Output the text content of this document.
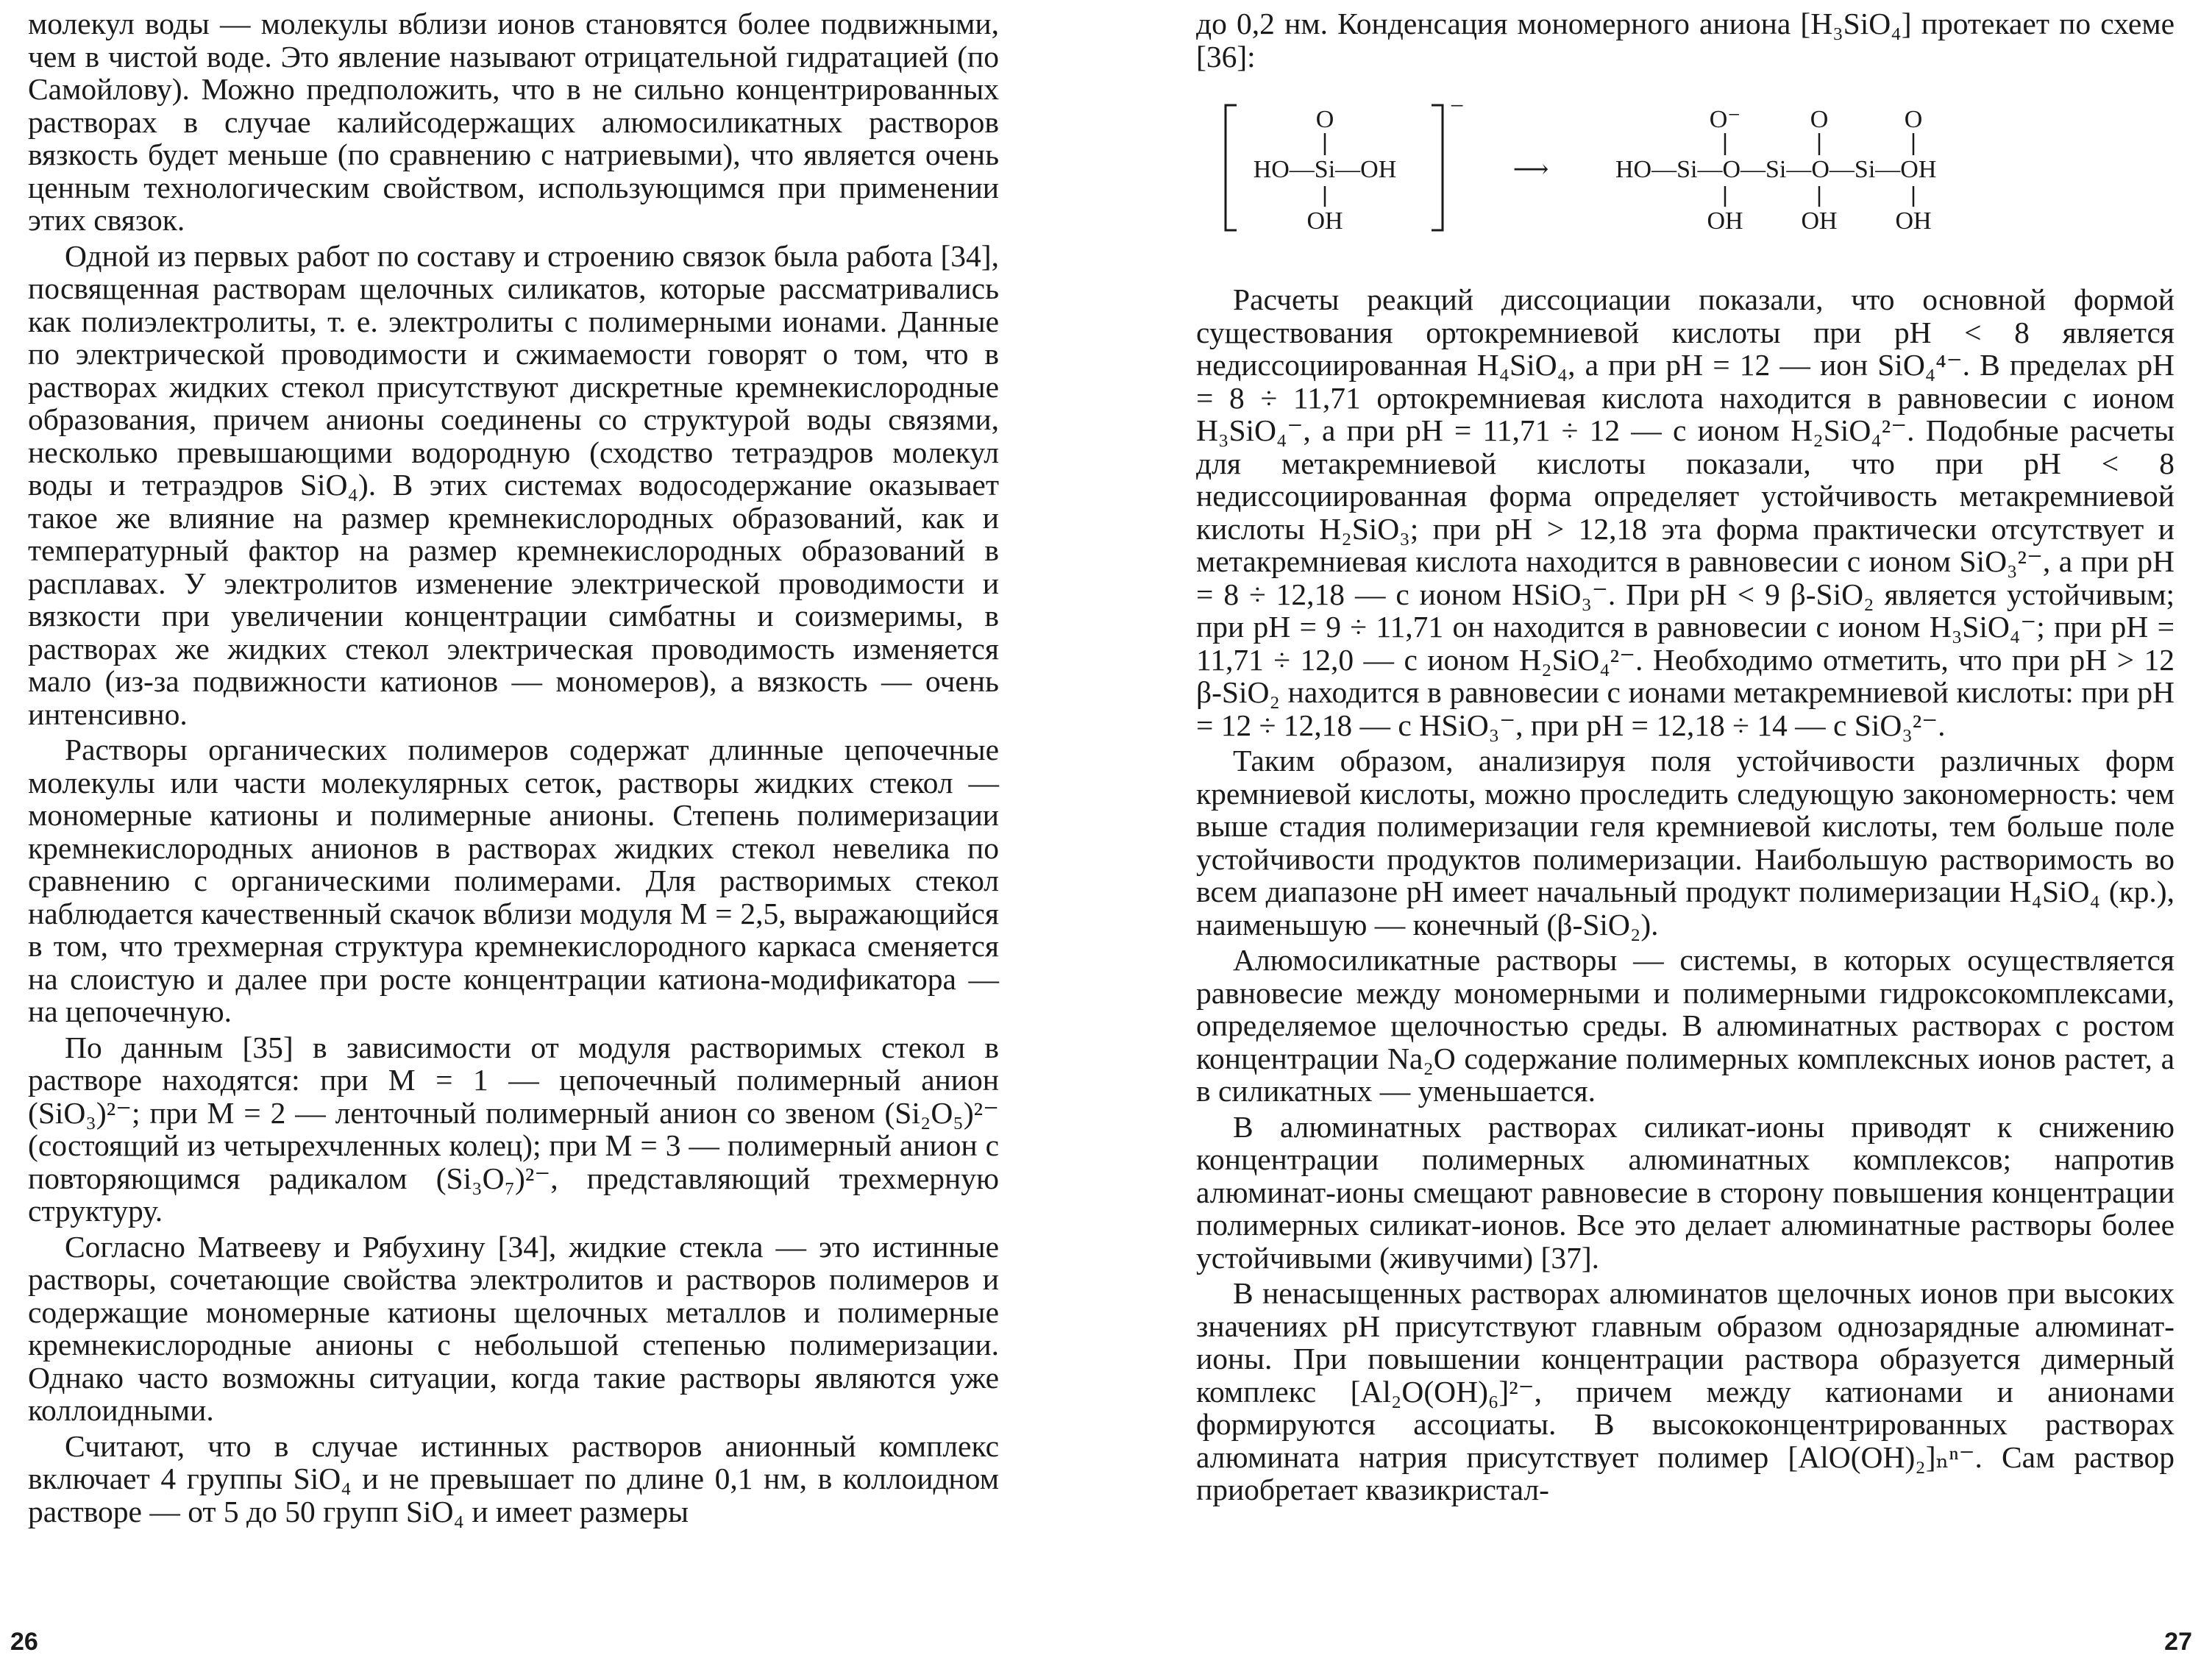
молекул воды — молекулы вблизи ионов становятся более подвижными, чем в чистой воде. Это явление называют отрицательной гидратацией (по Самойлову). Можно предположить, что в не сильно концентрированных растворах в случае калийсодержащих алюмосиликатных растворов вязкость будет меньше (по сравнению с натриевыми), что является очень ценным технологическим свойством, использующимся при применении этих связок.

Одной из первых работ по составу и строению связок была работа [34], посвященная растворам щелочных силикатов, которые рассматривались как полиэлектролиты, т. е. электролиты с полимерными ионами. Данные по электрической проводимости и сжимаемости говорят о том, что в растворах жидких стекол присутствуют дискретные кремнекислородные образования, причем анионы соединены со структурой воды связями, несколько превышающими водородную (сходство тетраэдров молекул воды и тетраэдров SiO₄). В этих системах водосодержание оказывает такое же влияние на размер кремнекислородных образований, как и температурный фактор на размер кремнекислородных образований в расплавах. У электролитов изменение электрической проводимости и вязкости при увеличении концентрации симбатны и соизмеримы, в растворах же жидких стекол электрическая проводимость изменяется мало (из-за подвижности катионов — мономеров), а вязкость — очень интенсивно.

Растворы органических полимеров содержат длинные цепочечные молекулы или части молекулярных сеток, растворы жидких стекол — мономерные катионы и полимерные анионы. Степень полимеризации кремнекислородных анионов в растворах жидких стекол невелика по сравнению с органическими полимерами. Для растворимых стекол наблюдается качественный скачок вблизи модуля M = 2,5, выражающийся в том, что трехмерная структура кремнекислородного каркаса сменяется на слоистую и далее при росте концентрации катиона-модификатора — на цепочечную.

По данным [35] в зависимости от модуля растворимых стекол в растворе находятся: при M = 1 — цепочечный полимерный анион (SiO₃)²⁻; при M = 2 — ленточный полимерный анион со звеном (Si₂O₅)²⁻ (состоящий из четырехчленных колец); при M = 3 — полимерный анион с повторяющимся радикалом (Si₃O₇)²⁻, представляющий трехмерную структуру.

Согласно Матвееву и Рябухину [34], жидкие стекла — это истинные растворы, сочетающие свойства электролитов и растворов полимеров и содержащие мономерные катионы щелочных металлов и полимерные кремнекислородные анионы с небольшой степенью полимеризации. Однако часто возможны ситуации, когда такие растворы являются уже коллоидными.

Считают, что в случае истинных растворов анионный комплекс включает 4 группы SiO₄ и не превышает по длине 0,1 нм, в коллоидном растворе — от 5 до 50 групп SiO₄ и имеет размеры

26

до 0,2 нм. Конденсация мономерного аниона [H₃SiO₄] протекает по схеме [36]:

−
O
HO—Si—OH
OH
⟶	HO—Si—O—Si—O—Si—OH
O⁻	O	O
OH OH OH

Расчеты реакций диссоциации показали, что основной формой существования ортокремниевой кислоты при pH < 8 является недиссоциированная H₄SiO₄, а при pH = 12 — ион SiO₄⁴⁻. В пределах pH = 8 ÷ 11,71 ортокремниевая кислота находится в равновесии с ионом H₃SiO₄⁻, а при pH = 11,71 ÷ 12 — с ионом H₂SiO₄²⁻. Подобные расчеты для метакремниевой кислоты показали, что при pH < 8 недиссоциированная форма определяет устойчивость метакремниевой кислоты H₂SiO₃; при pH > 12,18 эта форма практически отсутствует и метакремниевая кислота находится в равновесии с ионом SiO₃²⁻, а при pH = 8 ÷ 12,18 — с ионом HSiO₃⁻. При pH < 9 β-SiO₂ является устойчивым; при pH = 9 ÷ 11,71 он находится в равновесии с ионом H₃SiO₄⁻; при pH = 11,71 ÷ 12,0 — с ионом H₂SiO₄²⁻. Необходимо отметить, что при pH > 12 β-SiO₂ находится в равновесии с ионами метакремниевой кислоты: при pH = 12 ÷ 12,18 — с HSiO₃⁻, при pH = 12,18 ÷ 14 — с SiO₃²⁻.

Таким образом, анализируя поля устойчивости различных форм кремниевой кислоты, можно проследить следующую закономерность: чем выше стадия полимеризации геля кремниевой кислоты, тем больше поле устойчивости продуктов полимеризации. Наибольшую растворимость во всем диапазоне pH имеет начальный продукт полимеризации H₄SiO₄ (кр.), наименьшую — конечный (β-SiO₂).

Алюмосиликатные растворы — системы, в которых осуществляется равновесие между мономерными и полимерными гидроксокомплексами, определяемое щелочностью среды. В алюминатных растворах с ростом концентрации Na₂O содержание полимерных комплексных ионов растет, а в силикатных — уменьшается.

В алюминатных растворах силикат-ионы приводят к снижению концентрации полимерных алюминатных комплексов; напротив алюминат-ионы смещают равновесие в сторону повышения концентрации полимерных силикат-ионов. Все это делает алюминатные растворы более устойчивыми (живучими) [37].

В ненасыщенных растворах алюминатов щелочных ионов при высоких значениях pH присутствуют главным образом однозарядные алюминат-ионы. При повышении концентрации раствора образуется димерный комплекс [Al₂O(OH)₆]²⁻, причем между катионами и анионами формируются ассоциаты. В высококонцентрированных растворах алюмината натрия присутствует полимер [AlO(OH)₂]ₙⁿ⁻. Сам раствор приобретает квазикристал-

27
